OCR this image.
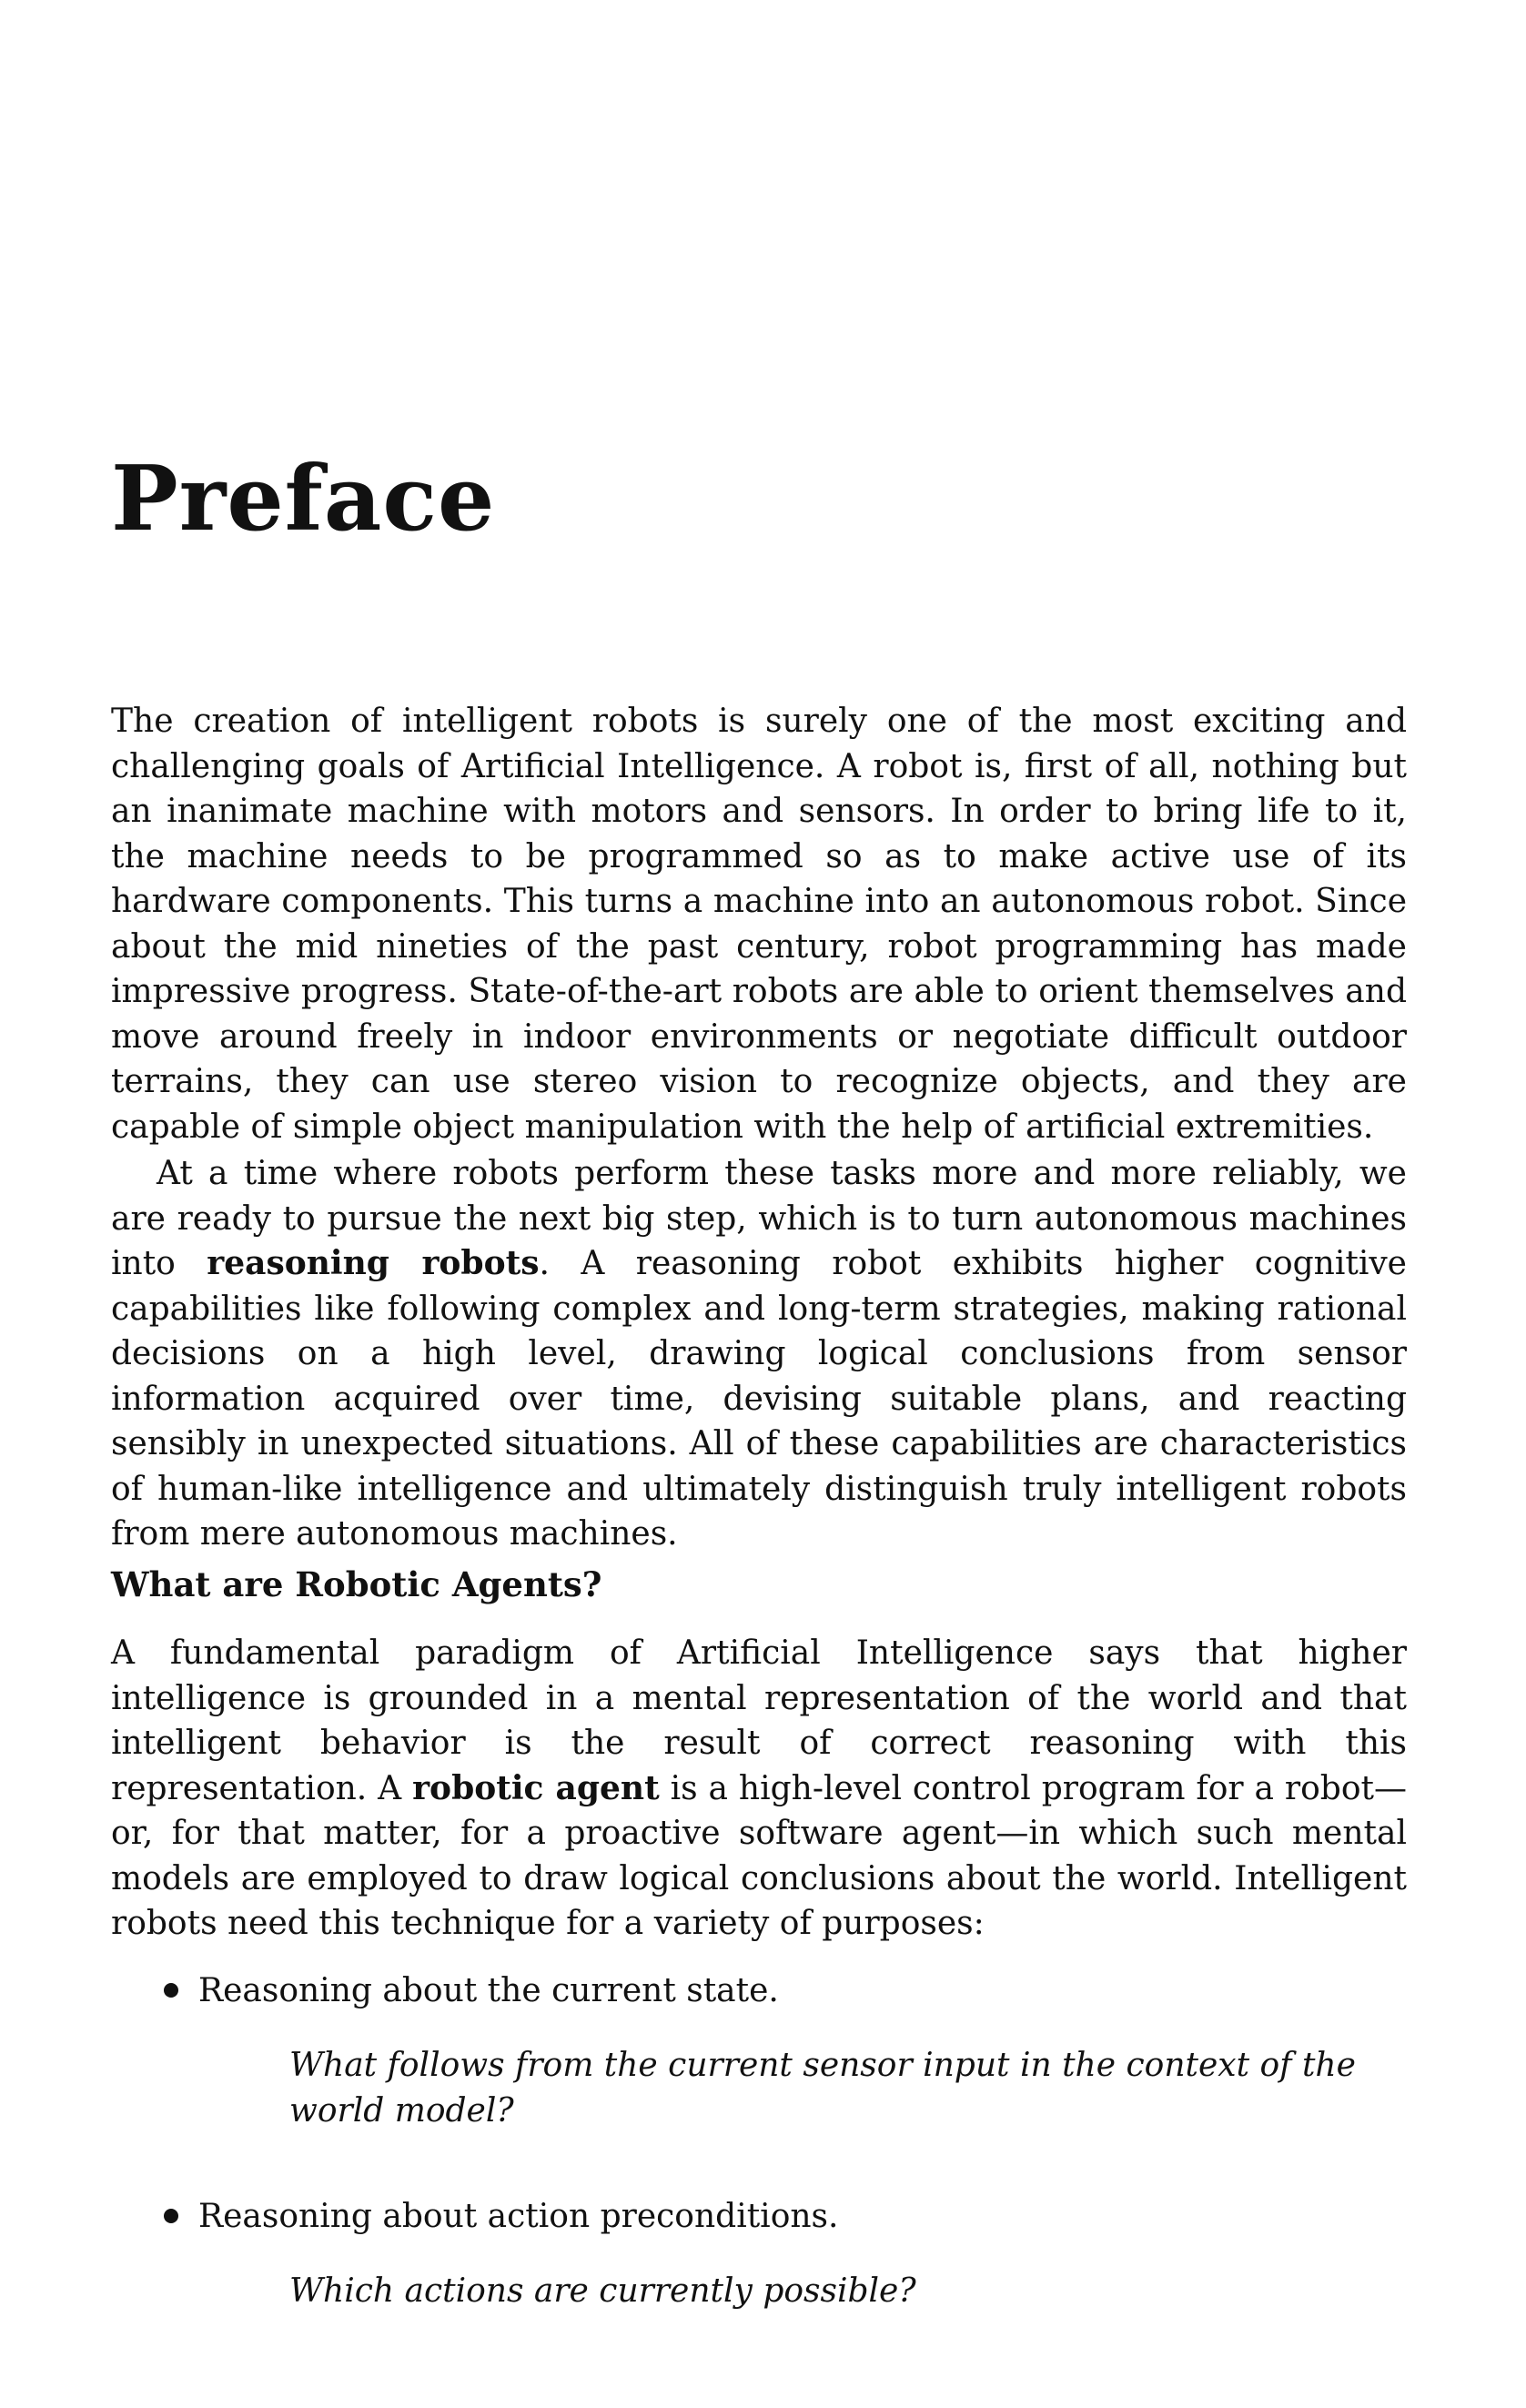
Preface

The creation of intelligent robots is surely one of the most exciting and challenging goals of Artificial Intelligence. A robot is, first of all, nothing but an inanimate machine with motors and sensors. In order to bring life to it, the machine needs to be programmed so as to make active use of its hardware components. This turns a machine into an autonomous robot. Since about the mid nineties of the past century, robot programming has made impressive progress. State-of-the-art robots are able to orient themselves and move around freely in indoor environments or negotiate difficult outdoor terrains, they can use stereo vision to recognize objects, and they are capable of simple object manipulation with the help of artificial extremities.

At a time where robots perform these tasks more and more reliably, we are ready to pursue the next big step, which is to turn autonomous machines into reasoning robots. A reasoning robot exhibits higher cognitive capabilities like following complex and long-term strategies, making rational decisions on a high level, drawing logical conclusions from sensor information acquired over time, devising suitable plans, and reacting sensibly in unexpected situations. All of these capabilities are characteristics of human-like intelligence and ultimately distinguish truly intelligent robots from mere autonomous machines.

What are Robotic Agents?

A fundamental paradigm of Artificial Intelligence says that higher intelligence is grounded in a mental representation of the world and that intelligent behavior is the result of correct reasoning with this representation. A robotic agent is a high-level control program for a robot—or, for that matter, for a proactive software agent—in which such mental models are employed to draw logical conclusions about the world. Intelligent robots need this technique for a variety of purposes:

Reasoning about the current state.

What follows from the current sensor input in the context of the world model?

Reasoning about action preconditions.

Which actions are currently possible?
